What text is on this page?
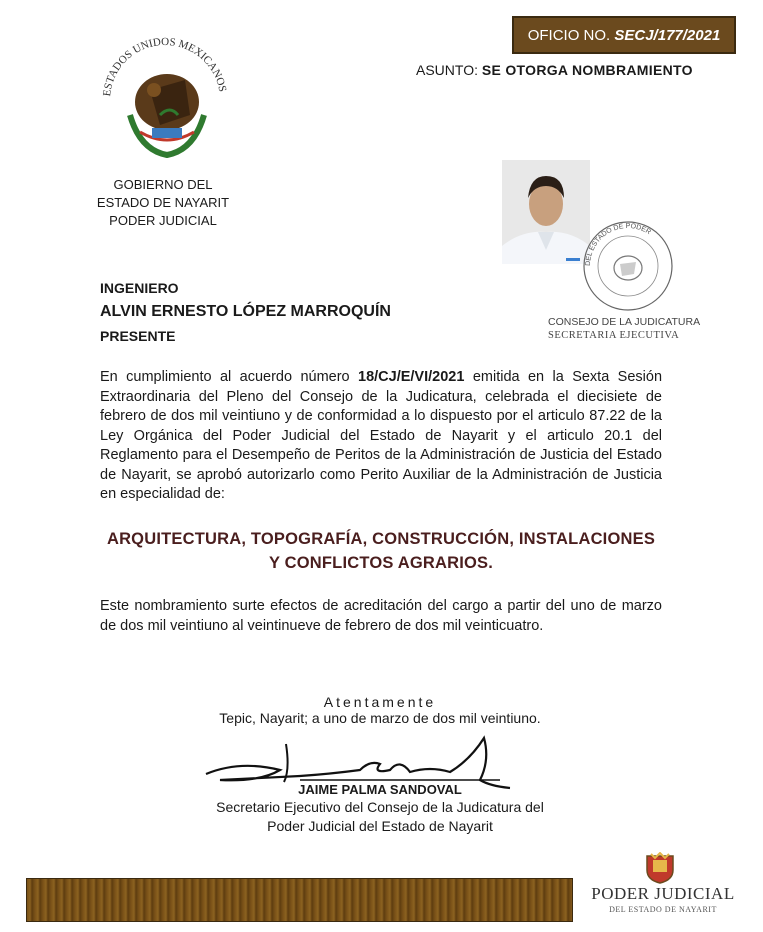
OFICIO NO. SECJ/177/2021
ASUNTO: SE OTORGA NOMBRAMIENTO
ESTADOS UNIDOS MEXICANOS
GOBIERNO DEL
ESTADO DE NAYARIT
PODER JUDICIAL
DEL ESTADO DE PODER
CONSEJO DE LA JUDICATURA
SECRETARIA EJECUTIVA
INGENIERO
ALVIN ERNESTO LÓPEZ MARROQUÍN
PRESENTE
En cumplimiento al acuerdo número 18/CJ/E/VI/2021 emitida en la Sexta Sesión Extraordinaria del Pleno del Consejo de la Judicatura, celebrada el diecisiete de febrero de dos mil veintiuno y de conformidad a lo dispuesto por el articulo 87.22 de la Ley Orgánica del Poder Judicial del Estado de Nayarit y el articulo 20.1 del Reglamento para el Desempeño de Peritos de la Administración de Justicia del Estado de Nayarit, se aprobó autorizarlo como Perito Auxiliar de la Administración de Justicia en especialidad de:
ARQUITECTURA, TOPOGRAFÍA, CONSTRUCCIÓN, INSTALACIONES
Y CONFLICTOS AGRARIOS.
Este nombramiento surte efectos de acreditación del cargo a partir del uno de marzo de dos mil veintiuno al veintinueve de febrero de dos mil veinticuatro.
Atentamente
Tepic, Nayarit; a uno de marzo de dos mil veintiuno.
JAIME PALMA SANDOVAL
Secretario Ejecutivo del Consejo de la Judicatura del
Poder Judicial del Estado de Nayarit
PODER JUDICIAL
DEL ESTADO DE NAYARIT
